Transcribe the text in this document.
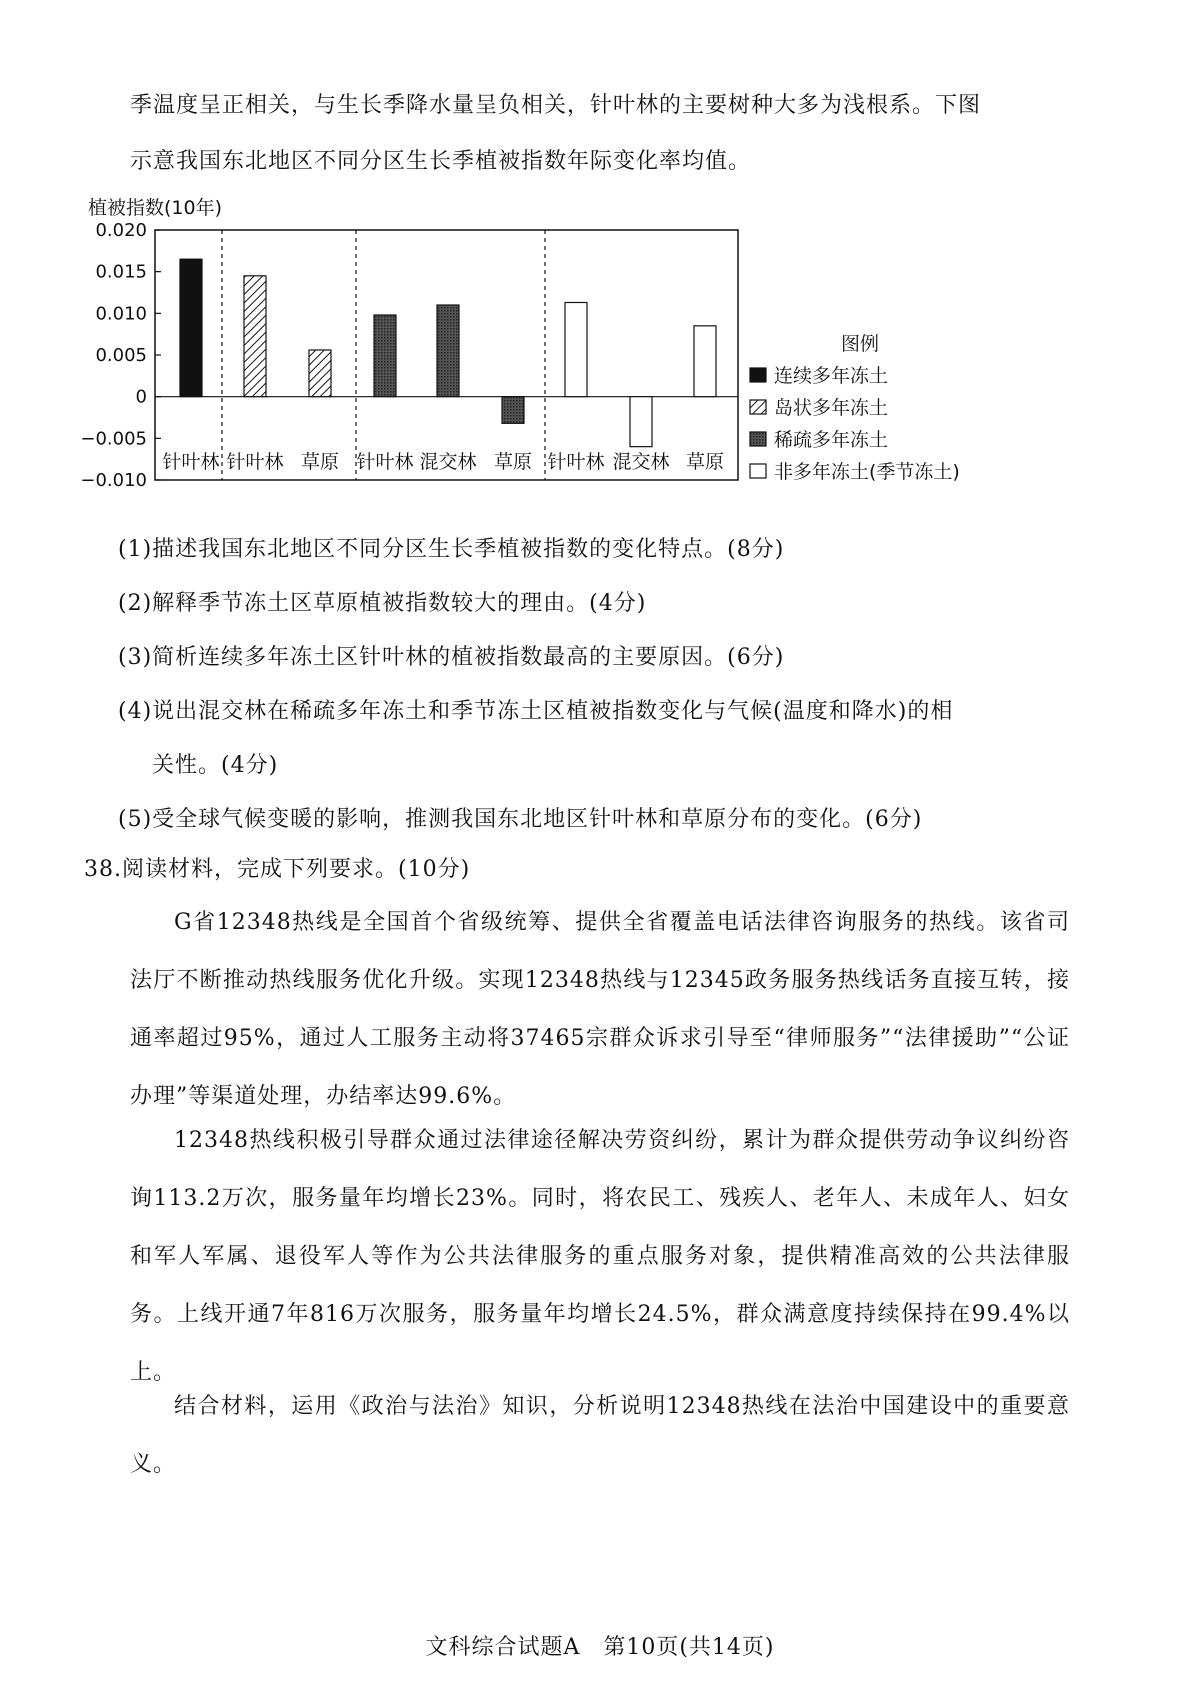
季温度呈正相关，与生长季降水量呈负相关，针叶林的主要树种大多为浅根系。下图
示意我国东北地区不同分区生长季植被指数年际变化率均值。
植被指数(10年)
0.020
0.015
0.010
0.005
0
−0.005
−0.010
针叶林 针叶林 草原 针叶林 混交林 草原 针叶林 混交林 草原
图例
连续多年冻土
岛状多年冻土
稀疏多年冻土
非多年冻土(季节冻土)
(1)描述我国东北地区不同分区生长季植被指数的变化特点。(8分)
(2)解释季节冻土区草原植被指数较大的理由。(4分)
(3)简析连续多年冻土区针叶林的植被指数最高的主要原因。(6分)
(4)说出混交林在稀疏多年冻土和季节冻土区植被指数变化与气候(温度和降水)的相
关性。(4分)
(5)受全球气候变暖的影响，推测我国东北地区针叶林和草原分布的变化。(6分)
38.阅读材料，完成下列要求。(10分)
G省12348热线是全国首个省级统筹、提供全省覆盖电话法律咨询服务的热线。该省司法厅不断推动热线服务优化升级。实现12348热线与12345政务服务热线话务直接互转，接通率超过95%，通过人工服务主动将37465宗群众诉求引导至“律师服务”“法律援助”“公证办理”等渠道处理，办结率达99.6%。
12348热线积极引导群众通过法律途径解决劳资纠纷，累计为群众提供劳动争议纠纷咨询113.2万次，服务量年均增长23%。同时，将农民工、残疾人、老年人、未成年人、妇女和军人军属、退役军人等作为公共法律服务的重点服务对象，提供精准高效的公共法律服务。上线开通7年816万次服务，服务量年均增长24.5%，群众满意度持续保持在99.4%以上。
结合材料，运用《政治与法治》知识，分析说明12348热线在法治中国建设中的重要意义。
文科综合试题A　第10页(共14页)
